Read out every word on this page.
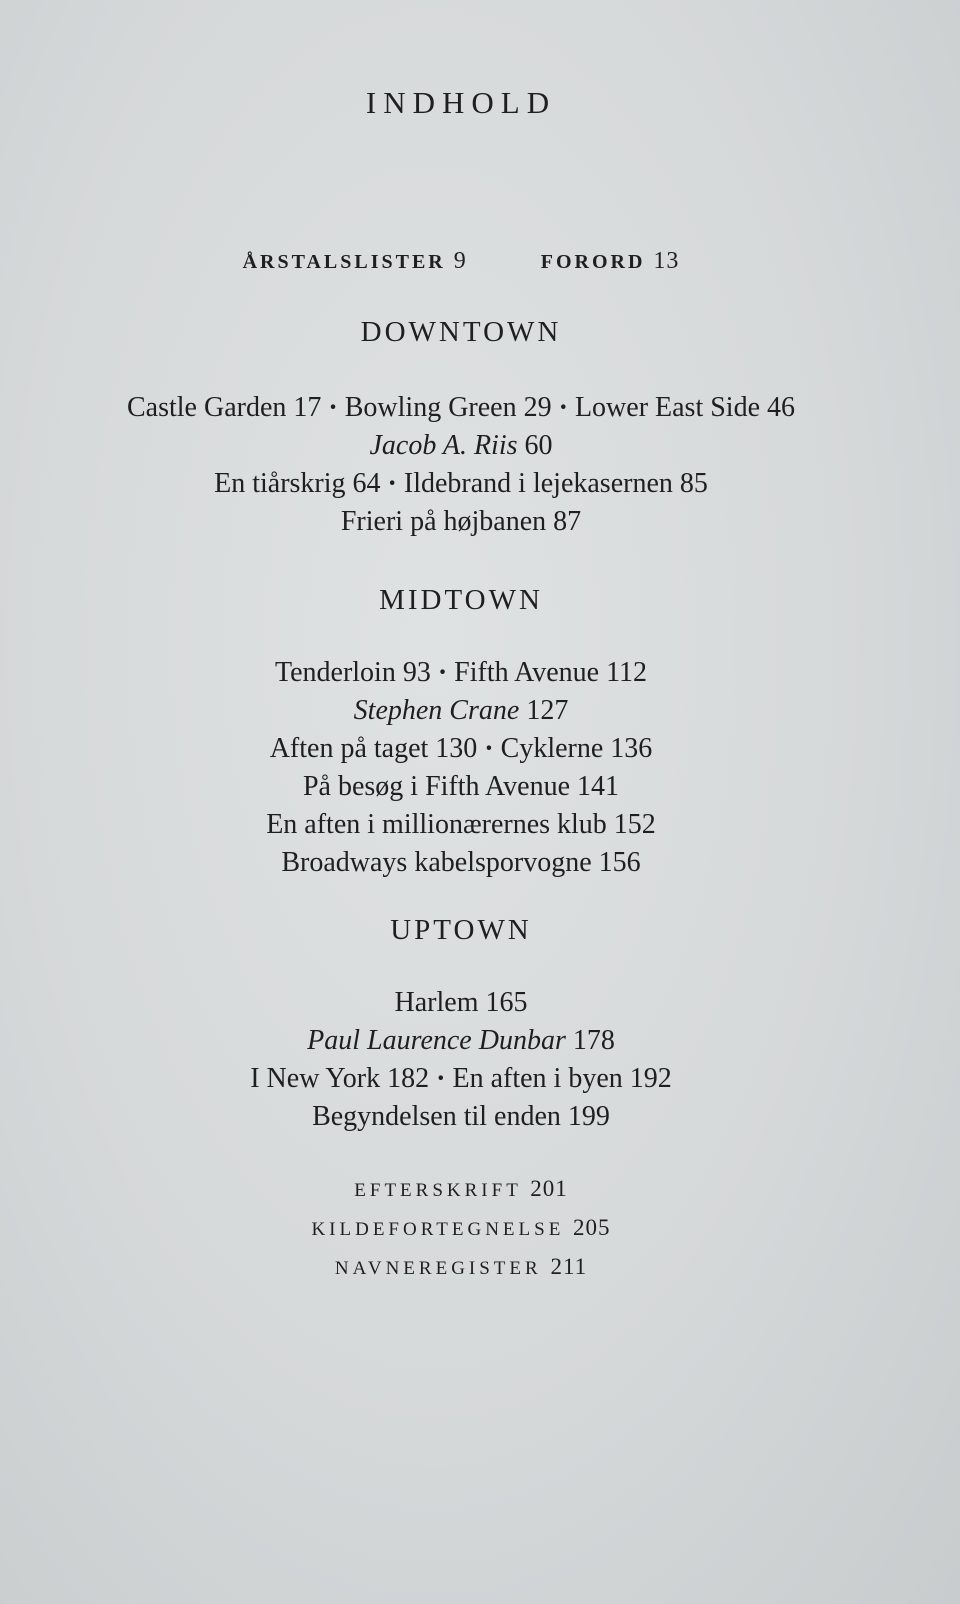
INDHOLD
ÅRSTALSLISTER 9	FORORD 13
DOWNTOWN
Castle Garden 17 · Bowling Green 29 · Lower East Side 46
Jacob A. Riis 60
En tiårskrig 64 · Ildebrand i lejekasernen 85
Frieri på højbanen 87
MIDTOWN
Tenderloin 93 · Fifth Avenue 112
Stephen Crane 127
Aften på taget 130 · Cyklerne 136
På besøg i Fifth Avenue 141
En aften i millionærernes klub 152
Broadways kabelsporvogne 156
UPTOWN
Harlem 165
Paul Laurence Dunbar 178
I New York 182 · En aften i byen 192
Begyndelsen til enden 199
EFTERSKRIFT 201
KILDEFORTEGNELSE 205
NAVNEREGISTER 211
